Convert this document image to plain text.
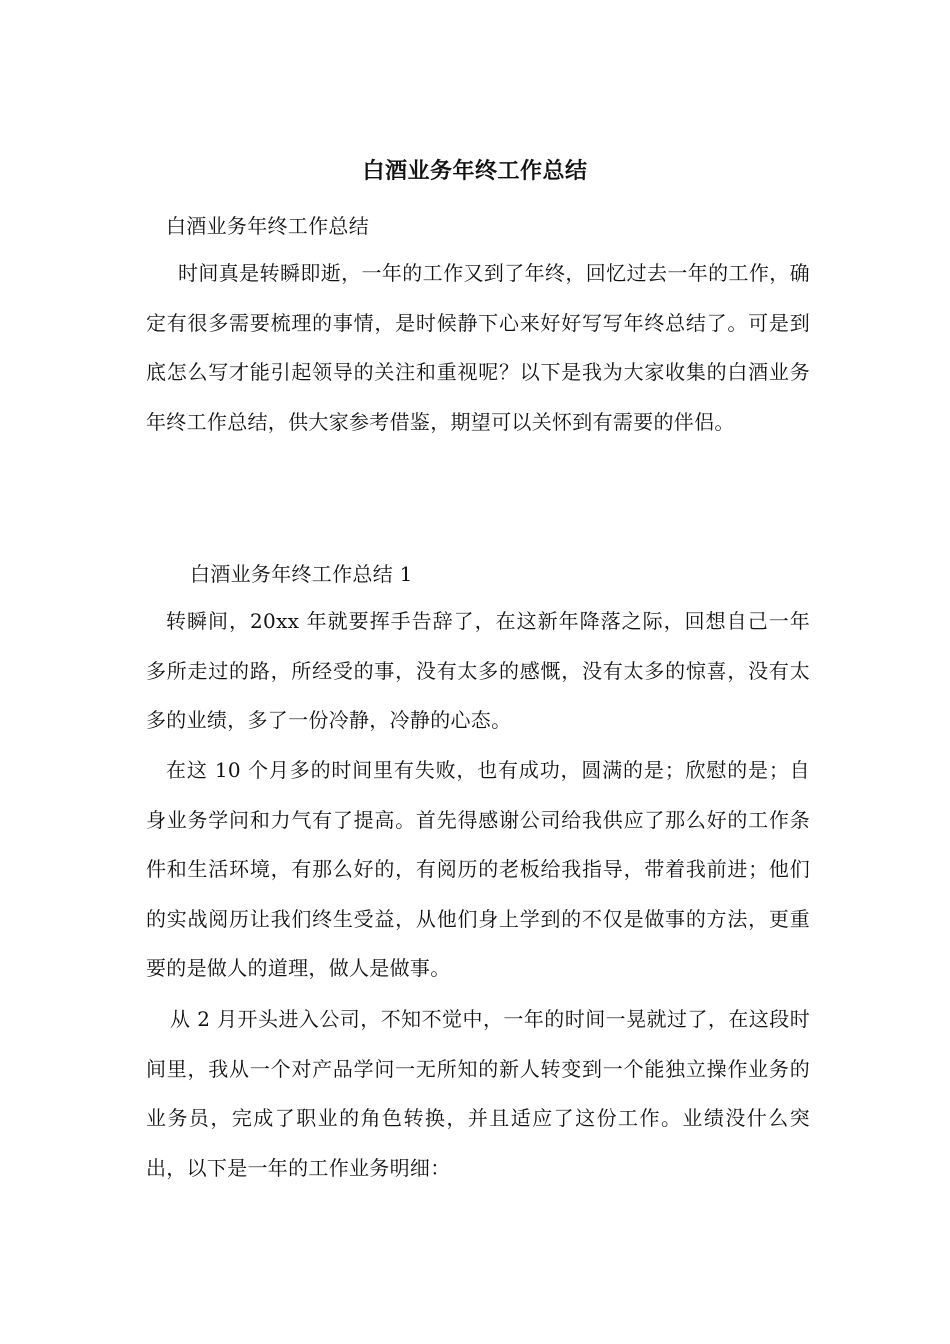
白酒业务年终工作总结
白酒业务年终工作总结

时间真是转瞬即逝，一年的工作又到了年终，回忆过去一年的工作，确定有很多需要梳理的事情，是时候静下心来好好写写年终总结了。可是到底怎么写才能引起领导的关注和重视呢？以下是我为大家收集的白酒业务年终工作总结，供大家参考借鉴，期望可以关怀到有需要的伴侣。

白酒业务年终工作总结 1

转瞬间，20xx 年就要挥手告辞了，在这新年降落之际，回想自己一年多所走过的路，所经受的事，没有太多的感慨，没有太多的惊喜，没有太多的业绩，多了一份冷静，冷静的心态。

在这 10 个月多的时间里有失败，也有成功，圆满的是；欣慰的是；自身业务学问和力气有了提高。首先得感谢公司给我供应了那么好的工作条件和生活环境，有那么好的，有阅历的老板给我指导，带着我前进；他们的实战阅历让我们终生受益，从他们身上学到的不仅是做事的方法，更重要的是做人的道理，做人是做事。

从 2 月开头进入公司，不知不觉中，一年的时间一晃就过了，在这段时间里，我从一个对产品学问一无所知的新人转变到一个能独立操作业务的业务员，完成了职业的角色转换，并且适应了这份工作。业绩没什么突出，以下是一年的工作业务明细：
